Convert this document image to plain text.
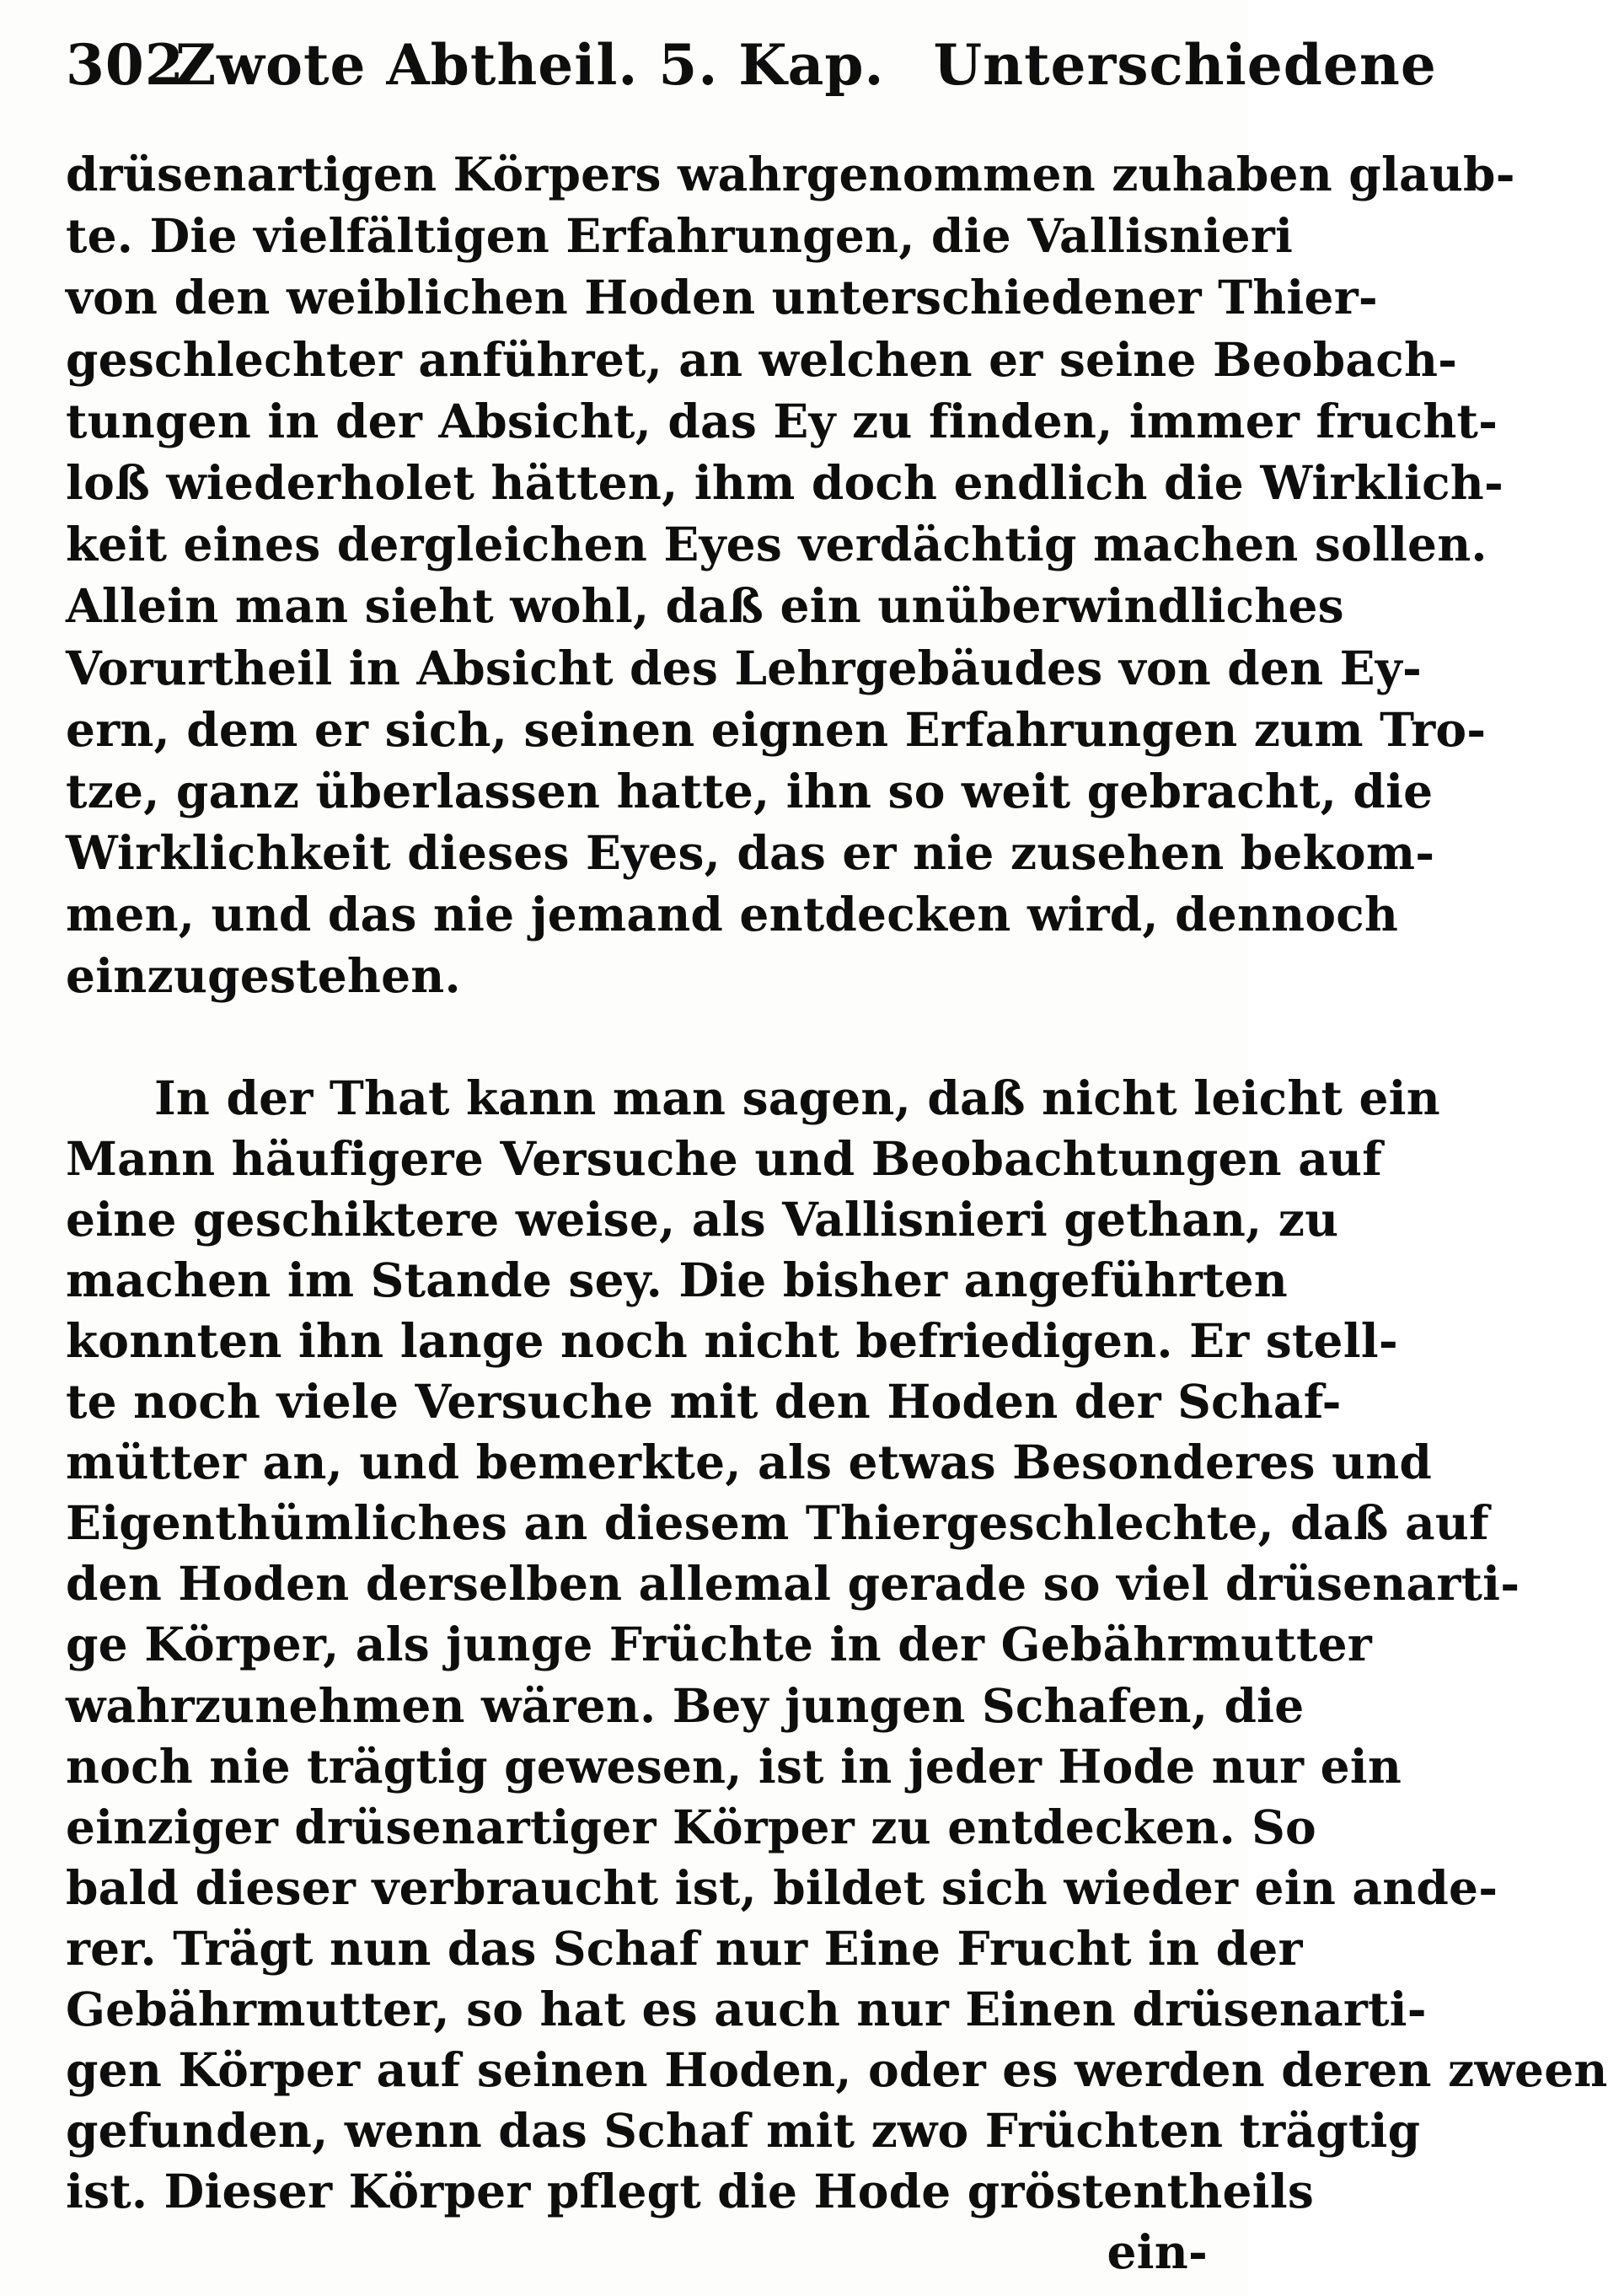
302
Zwote Abtheil. 5. Kap. Unterschiedene
drüsenartigen Körpers wahrgenommen zuhaben glaub-
te. Die vielfältigen Erfahrungen, die Vallisnieri
von den weiblichen Hoden unterschiedener Thier-
geschlechter anführet, an welchen er seine Beobach-
tungen in der Absicht, das Ey zu finden, immer frucht-
loß wiederholet hätten, ihm doch endlich die Wirklich-
keit eines dergleichen Eyes verdächtig machen sollen.
Allein man sieht wohl, daß ein unüberwindliches
Vorurtheil in Absicht des Lehrgebäudes von den Ey-
ern, dem er sich, seinen eignen Erfahrungen zum Tro-
tze, ganz überlassen hatte, ihn so weit gebracht, die
Wirklichkeit dieses Eyes, das er nie zusehen bekom-
men, und das nie jemand entdecken wird, dennoch
einzugestehen.
In der That kann man sagen, daß nicht leicht ein
Mann häufigere Versuche und Beobachtungen auf
eine geschiktere weise, als Vallisnieri gethan, zu
machen im Stande sey. Die bisher angeführten
konnten ihn lange noch nicht befriedigen. Er stell-
te noch viele Versuche mit den Hoden der Schaf-
mütter an, und bemerkte, als etwas Besonderes und
Eigenthümliches an diesem Thiergeschlechte, daß auf
den Hoden derselben allemal gerade so viel drüsenarti-
ge Körper, als junge Früchte in der Gebährmutter
wahrzunehmen wären. Bey jungen Schafen, die
noch nie trägtig gewesen, ist in jeder Hode nur ein
einziger drüsenartiger Körper zu entdecken. So
bald dieser verbraucht ist, bildet sich wieder ein ande-
rer. Trägt nun das Schaf nur Eine Frucht in der
Gebährmutter, so hat es auch nur Einen drüsenarti-
gen Körper auf seinen Hoden, oder es werden deren zween
gefunden, wenn das Schaf mit zwo Früchten trägtig
ist. Dieser Körper pflegt die Hode gröstentheils
ein-
